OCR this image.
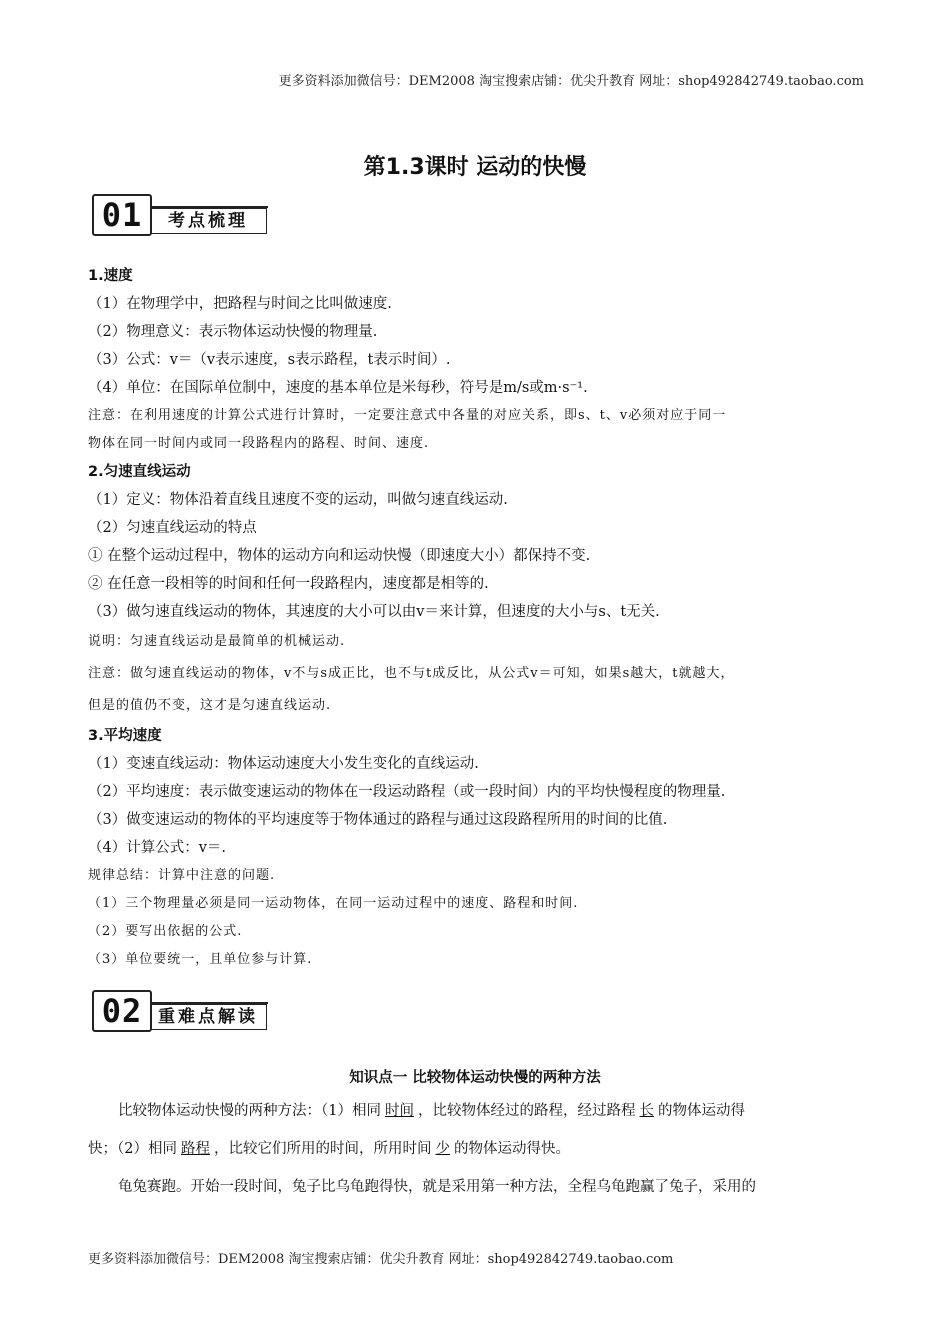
更多资料添加微信号：DEM2008 淘宝搜索店铺：优尖升教育 网址：shop492842749.taobao.com
第1.3课时 运动的快慢
考点梳理
01
1.速度
（1）在物理学中，把路程与时间之比叫做速度.
（2）物理意义：表示物体运动快慢的物理量.
（3）公式：v＝（v表示速度，s表示路程，t表示时间）.
（4）单位：在国际单位制中，速度的基本单位是米每秒，符号是m/s或m·s⁻¹.
注意：在利用速度的计算公式进行计算时，一定要注意式中各量的对应关系，即s、t、v必须对应于同一
物体在同一时间内或同一段路程内的路程、时间、速度.
2.匀速直线运动
（1）定义：物体沿着直线且速度不变的运动，叫做匀速直线运动.
（2）匀速直线运动的特点
① 在整个运动过程中，物体的运动方向和运动快慢（即速度大小）都保持不变.
② 在任意一段相等的时间和任何一段路程内，速度都是相等的.
（3）做匀速直线运动的物体，其速度的大小可以由v＝来计算，但速度的大小与s、t无关.
说明：匀速直线运动是最简单的机械运动.
注意：做匀速直线运动的物体，v不与s成正比，也不与t成反比，从公式v＝可知，如果s越大，t就越大，
但是的值仍不变，这才是匀速直线运动.
3.平均速度
（1）变速直线运动：物体运动速度大小发生变化的直线运动.
（2）平均速度：表示做变速运动的物体在一段运动路程（或一段时间）内的平均快慢程度的物理量.
（3）做变速运动的物体的平均速度等于物体通过的路程与通过这段路程所用的时间的比值.
（4）计算公式：v＝.
规律总结：计算中注意的问题.
（1）三个物理量必须是同一运动物体，在同一运动过程中的速度、路程和时间.
（2）要写出依据的公式.
（3）单位要统一，且单位参与计算.
重难点解读
02
知识点一 比较物体运动快慢的两种方法
比较物体运动快慢的两种方法：（1）相同 时间 ，比较物体经过的路程，经过路程 长 的物体运动得
快；（2）相同 路程 ，比较它们所用的时间，所用时间 少 的物体运动得快。
龟兔赛跑。开始一段时间，兔子比乌龟跑得快，就是采用第一种方法，全程乌龟跑赢了兔子，采用的
更多资料添加微信号：DEM2008 淘宝搜索店铺：优尖升教育 网址：shop492842749.taobao.com
